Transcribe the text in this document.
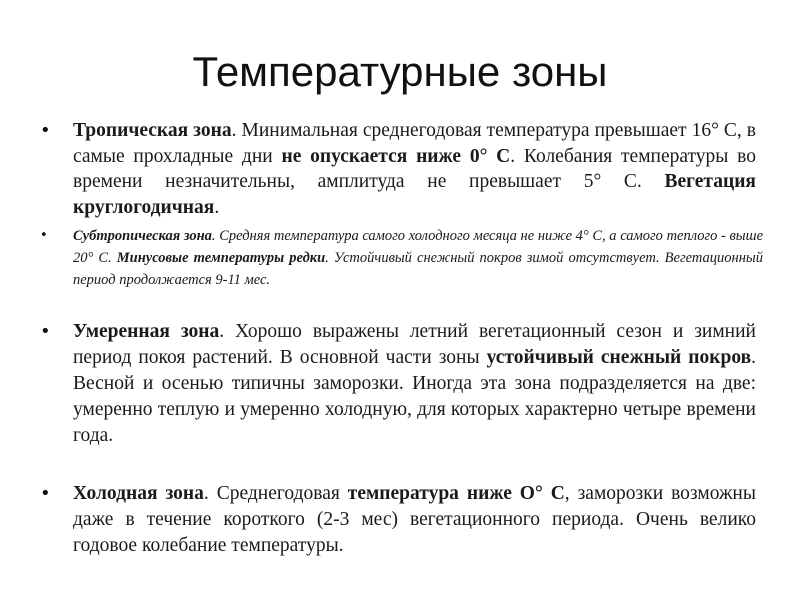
Температурные зоны
• Тропическая зона. Минимальная среднегодовая температура превышает 16° С, в самые прохладные дни не опускается ниже 0° С. Колебания температуры во времени незначительны, амплитуда не превышает 5° С. Вегетация круглогодичная.
• Субтропическая зона. Средняя температура самого холодного месяца не ниже 4° С, а самого теплого - выше 20° С. Минусовые температуры редки. Устойчивый снежный покров зимой отсутствует. Вегетационный период продолжается 9-11 мес.
• Умеренная зона. Хорошо выражены летний вегетационный сезон и зимний период покоя растений. В основной части зоны устойчивый снежный покров. Весной и осенью типичны заморозки. Иногда эта зона подразделяется на две: умеренно теплую и умеренно холодную, для которых характерно четыре времени года.
• Холодная зона. Среднегодовая температура ниже О° С, заморозки возможны даже в течение короткого (2-3 мес) вегетационного периода. Очень велико годовое колебание температуры.
